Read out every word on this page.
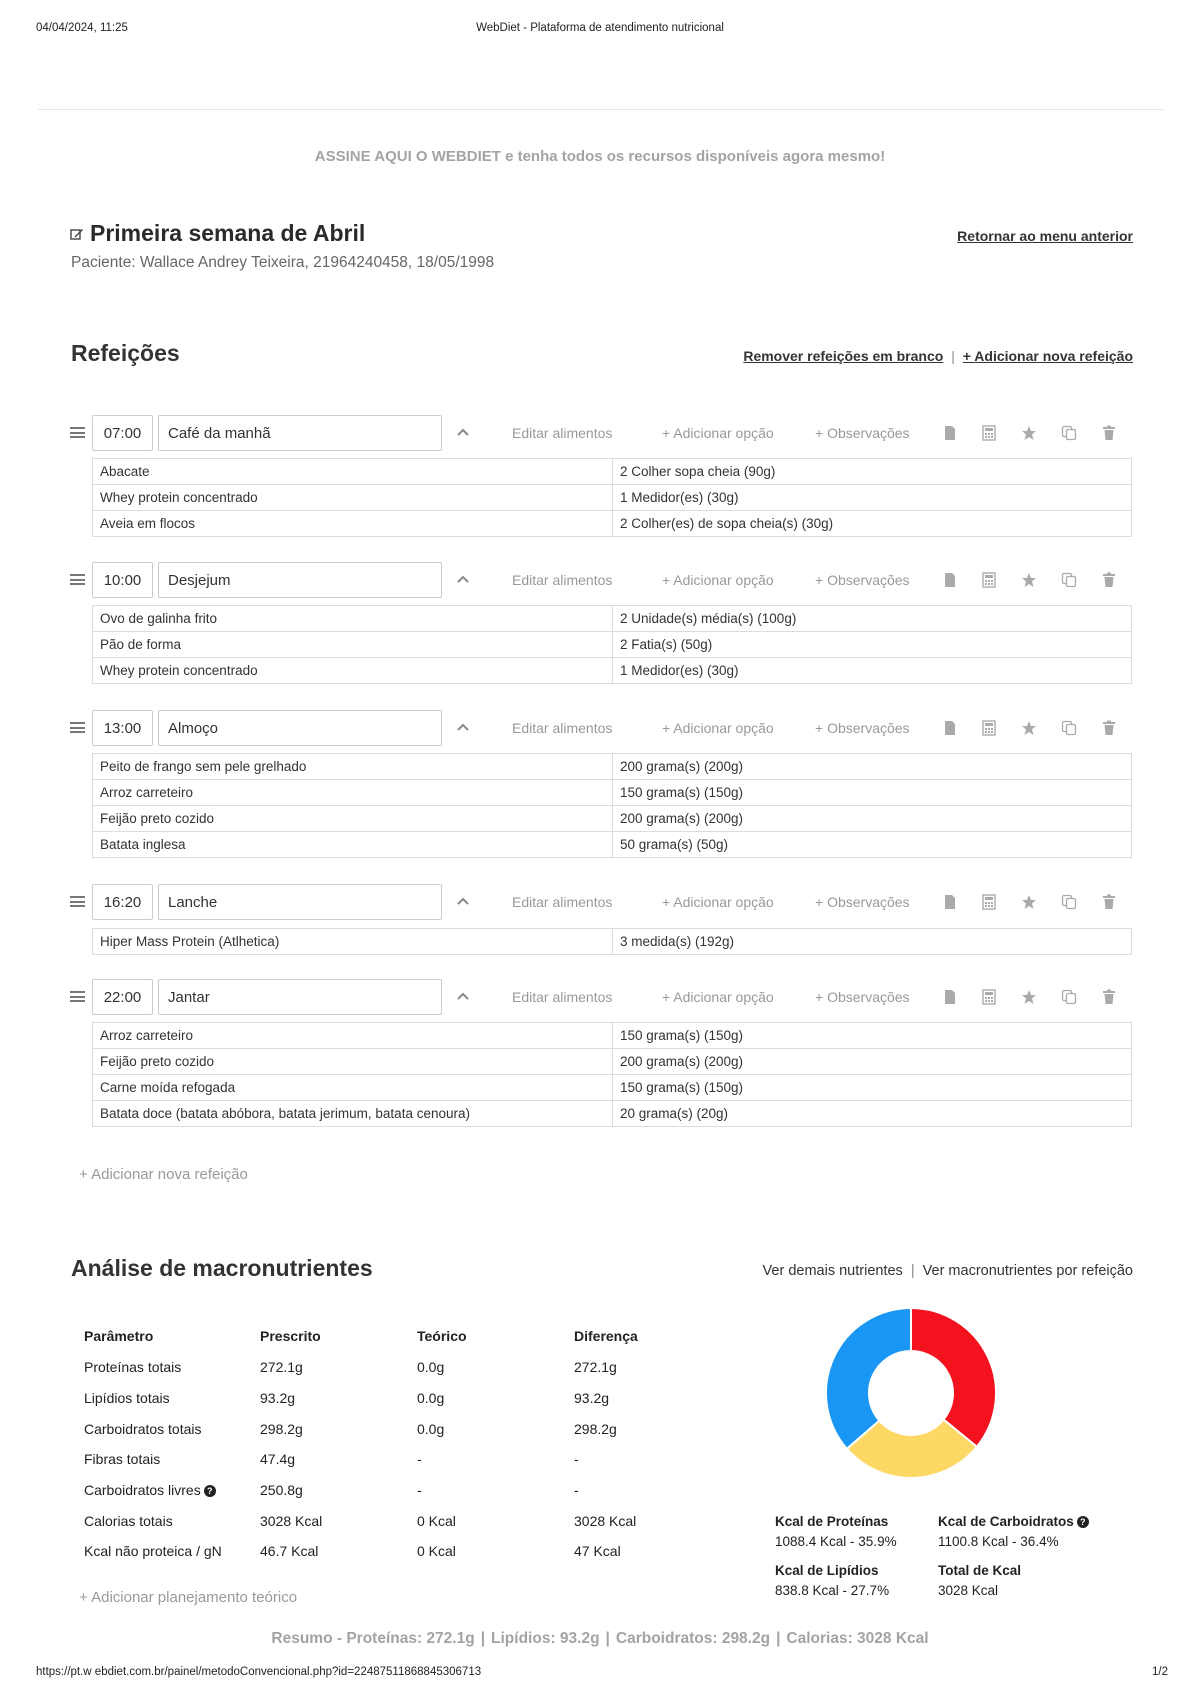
04/04/2024, 11:25	WebDiet - Plataforma de atendimento nutricional
ASSINE AQUI O WEBDIET e tenha todos os recursos disponíveis agora mesmo!
Primeira semana de Abril
Paciente: Wallace Andrey Teixeira, 21964240458, 18/05/1998
Retornar ao menu anterior
Refeições	Remover refeições em branco | + Adicionar nova refeição
07:00	Café da manhã	Editar alimentos	+ Adicionar opção	+ Observações
Abacate	2 Colher sopa cheia (90g)
Whey protein concentrado	1 Medidor(es) (30g)
Aveia em flocos	2 Colher(es) de sopa cheia(s) (30g)
10:00	Desjejum	Editar alimentos	+ Adicionar opção	+ Observações
Ovo de galinha frito	2 Unidade(s) média(s) (100g)
Pão de forma	2 Fatia(s) (50g)
Whey protein concentrado	1 Medidor(es) (30g)
13:00	Almoço	Editar alimentos	+ Adicionar opção	+ Observações
Peito de frango sem pele grelhado	200 grama(s) (200g)
Arroz carreteiro	150 grama(s) (150g)
Feijão preto cozido	200 grama(s) (200g)
Batata inglesa	50 grama(s) (50g)
16:20	Lanche	Editar alimentos	+ Adicionar opção	+ Observações
Hiper Mass Protein (Atlhetica)	3 medida(s) (192g)
22:00	Jantar	Editar alimentos	+ Adicionar opção	+ Observações
Arroz carreteiro	150 grama(s) (150g)
Feijão preto cozido	200 grama(s) (200g)
Carne moída refogada	150 grama(s) (150g)
Batata doce (batata abóbora, batata jerimum, batata cenoura)	20 grama(s) (20g)
+ Adicionar nova refeição
Análise de macronutrientes	Ver demais nutrientes | Ver macronutrientes por refeição
Parâmetro	Prescrito	Teórico	Diferença
Proteínas totais	272.1g	0.0g	272.1g
Lipídios totais	93.2g	0.0g	93.2g
Carboidratos totais	298.2g	0.0g	298.2g
Fibras totais	47.4g	-	-
Carboidratos livres ?	250.8g	-	-
Calorias totais	3028 Kcal	0 Kcal	3028 Kcal
Kcal não proteica / gN	46.7 Kcal	0 Kcal	47 Kcal
Kcal de Proteínas
1088.4 Kcal - 35.9%
Kcal de Carboidratos ?
1100.8 Kcal - 36.4%
Kcal de Lipídios
838.8 Kcal - 27.7%
Total de Kcal
3028 Kcal
+ Adicionar planejamento teórico
Resumo - Proteínas: 272.1g | Lipídios: 93.2g | Carboidratos: 298.2g | Calorias: 3028 Kcal
https://pt.w ebdiet.com.br/painel/metodoConvencional.php?id=22487511868845306713	1/2
